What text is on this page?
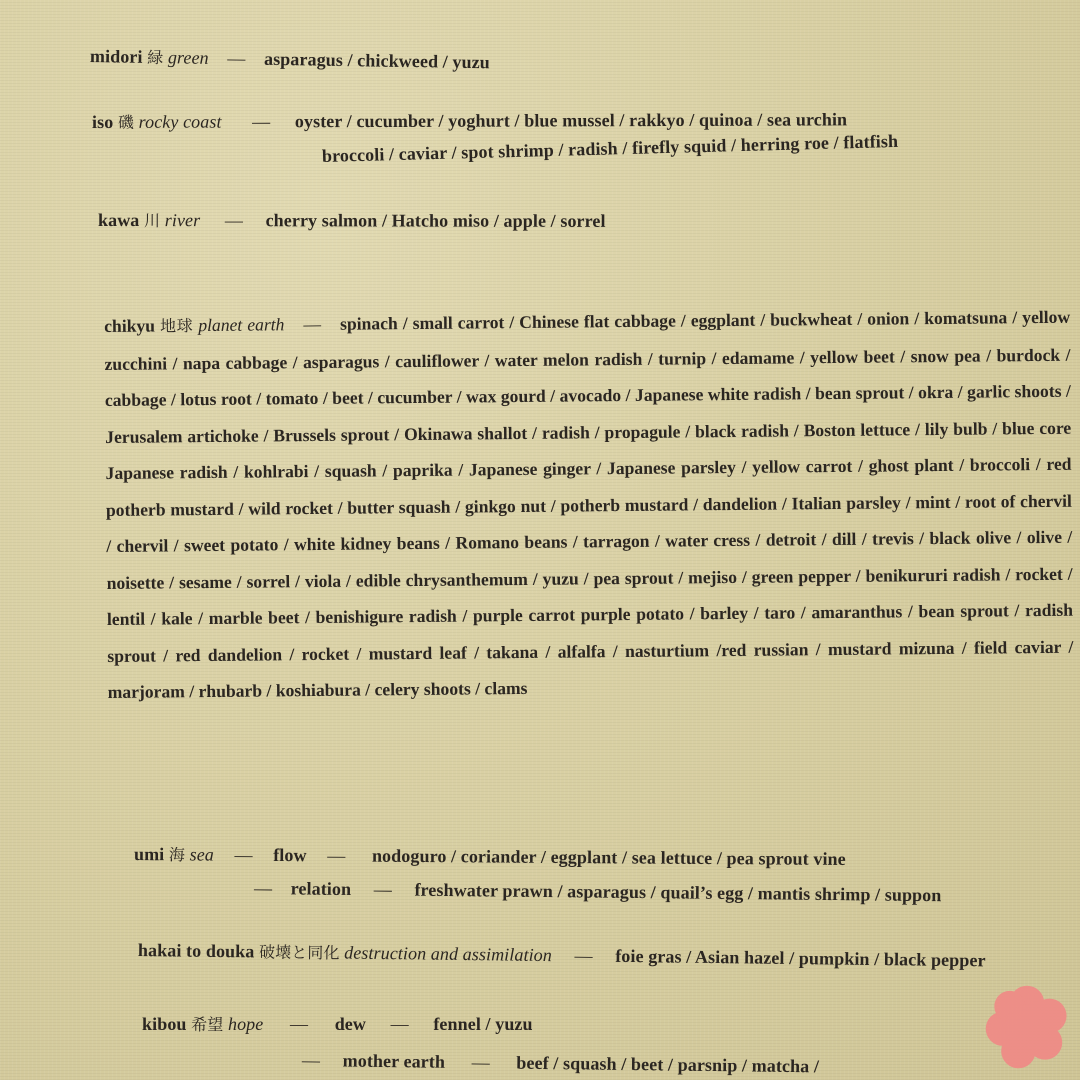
midori 緑 green — asparagus / chickweed / yuzu
iso 磯 rocky coast — oyster / cucumber / yoghurt / blue mussel / rakkyo / quinoa / sea urchin
broccoli / caviar / spot shrimp / radish / firefly squid / herring roe / flatfish
kawa 川 river — cherry salmon / Hatcho miso / apple / sorrel
chikyu 地球 planet earth — spinach / small carrot / Chinese flat cabbage / eggplant / buckwheat / onion / komatsuna / yellow zucchini / napa cabbage / asparagus / cauliflower / water melon radish / turnip / edamame / yellow beet / snow pea / burdock / cabbage / lotus root / tomato / beet / cucumber / wax gourd / avocado / Japanese white radish / bean sprout / okra / garlic shoots / Jerusalem artichoke / Brussels sprout / Okinawa shallot / radish / propagule / black radish / Boston lettuce / lily bulb / blue core Japanese radish / kohlrabi / squash / paprika / Japanese ginger / Japanese parsley / yellow carrot / ghost plant / broccoli / red potherb mustard / wild rocket / butter squash / ginkgo nut / potherb mustard / dandelion / Italian parsley / mint / root of chervil / chervil / sweet potato / white kidney beans / Romano beans / tarragon / water cress / detroit / dill / trevis / black olive / olive / noisette / sesame / sorrel / viola / edible chrysanthemum / yuzu / pea sprout / mejiso / green pepper / benikururi radish / rocket / lentil / kale / marble beet / benishigure radish / purple carrot purple potato / barley / taro / amaranthus / bean sprout / radish sprout / red dandelion / rocket / mustard leaf / takana / alfalfa / nasturtium /red russian / mustard mizuna / field caviar / marjoram / rhubarb / koshiabura / celery shoots / clams
umi 海 sea — flow — nodoguro / coriander / eggplant / sea lettuce / pea sprout vine
— relation — freshwater prawn / asparagus / quail’s egg / mantis shrimp / suppon
hakai to douka 破壊と同化 destruction and assimilation — foie gras / Asian hazel / pumpkin / black pepper
kibou 希望 hope — dew — fennel / yuzu
— mother earth — beef / squash / beet / parsnip / matcha /
